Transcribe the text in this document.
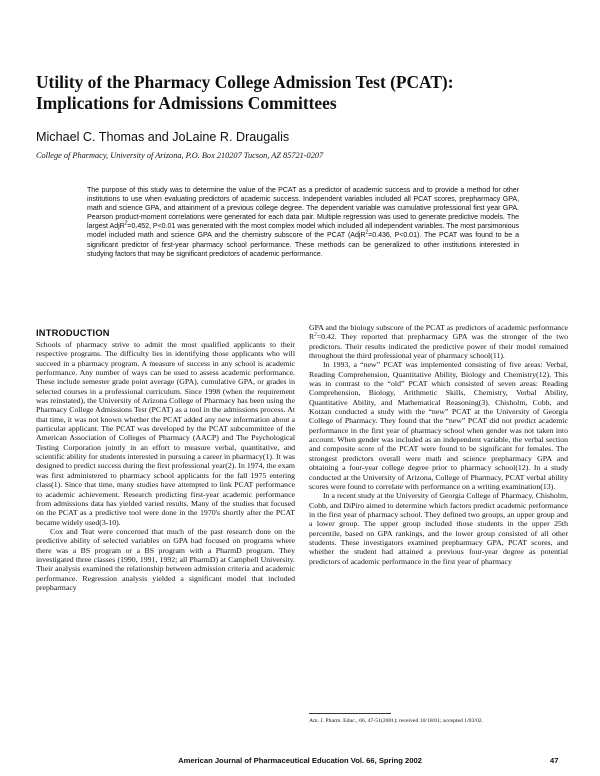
Utility of the Pharmacy College Admission Test (PCAT):
Implications for Admissions Committees

Michael C. Thomas and JoLaine R. Draugalis

College of Pharmacy, University of Arizona, P.O. Box 210207 Tucson, AZ 85721-0207

The purpose of this study was to determine the value of the PCAT as a predictor of academic success and to provide a method for other institutions to use when evaluating predictors of academic success. Independent variables included all PCAT scores, prepharmacy GPA, math and science GPA, and attainment of a previous college degree. The dependent variable was cumulative professional first year GPA. Pearson product-moment correlations were generated for each data pair. Multiple regression was used to generate predictive models. The largest AdjR$^2$=0.452, P<0.01 was generated with the most complex model which included all independent variables. The most parsimonious model included math and science GPA and the chemistry subscore of the PCAT (AdjR$^2$=0.436, P<0.01). The PCAT was found to be a significant predictor of first-year pharmacy school performance. These methods can be generalized to other institutions interested in studying factors that may be significant predictors of academic performance.

INTRODUCTION

Schools of pharmacy strive to admit the most qualified applicants to their respective programs. The difficulty lies in identifying those applicants who will succeed in a pharmacy program. A measure of success in any school is academic performance. Any number of ways can be used to assess academic performance. These include semester grade point average (GPA), cumulative GPA, or grades in selected courses in a professional curriculum. Since 1998 (when the requirement was reinstated), the University of Arizona College of Pharmacy has been using the Pharmacy College Admissions Test (PCAT) as a tool in the admissions process. At that time, it was not known whether the PCAT added any new information about a particular applicant. The PCAT was developed by the PCAT subcommittee of the American Association of Colleges of Pharmacy (AACP) and The Psychological Testing Corporation jointly in an effort to measure verbal, quantitative, and scientific ability for students interested in pursuing a career in pharmacy(1). It was designed to predict success during the first professional year(2). In 1974, the exam was first administered to pharmacy school applicants for the fall 1975 entering class(1). Since that time, many studies have attempted to link PCAT performance to academic achievement. Research predicting first-year academic performance from admissions data has yielded varied results. Many of the studies that focused on the PCAT as a predictive tool were done in the 1970's shortly after the PCAT became widely used(3-10).

Cox and Teat were concerned that much of the past research done on the predictive ability of selected variables on GPA had focused on programs where there was a BS program or a BS program with a PharmD program. They investigated three classes (1990, 1991, 1992; all PharmD) at Campbell University. Their analysis examined the relationship between admission criteria and academic performance. Regression analysis yielded a significant model that included prepharmacy

GPA and the biology subscore of the PCAT as predictors of academic performance $R^2=0.42$. They reported that prepharmacy GPA was the stronger of the two predictors. Their results indicated the predictive power of their model remained throughout the third professional year of pharmacy school(11).

In 1993, a “new” PCAT was implemented consisting of five areas: Verbal, Reading Comprehension, Quantitative Ability, Biology and Chemistry(12). This was in contrast to the “old” PCAT which consisted of seven areas: Reading Comprehension, Biology, Arithmetic Skills, Chemistry, Verbal Ability, Quantitative Ability, and Mathematical Reasoning(3). Chisholm, Cobb, and Kotzan conducted a study with the “new” PCAT at the University of Georgia College of Pharmacy. They found that the “new” PCAT did not predict academic performance in the first year of pharmacy school when gender was not taken into account. When gender was included as an independent variable, the verbal section and composite score of the PCAT were found to be significant for females. The strongest predictors overall were math and science prepharmacy GPA and obtaining a four-year college degree prior to pharmacy school(12). In a study conducted at the University of Arizona, College of Pharmacy, PCAT verbal ability scores were found to correlate with performance on a writing examination(13).

In a recent study at the University of Georgia College of Pharmacy, Chisholm, Cobb, and DiPiro aimed to determine which factors predict academic performance in the first year of pharmacy school. They defined two groups, an upper group and a lower group. The upper group included those students in the upper 25th percentile, based on GPA rankings, and the lower group consisted of all other students. These investigators examined prepharmacy GPA, PCAT scores, and whether the student had attained a previous four-year degree as potential predictors of academic performance in the first year of pharmacy

Am. J. Pharm. Educ., 66, 47-51(2001); received 10/18/01; accepted 1/03/02.

American Journal of Pharmaceutical Education Vol. 66, Spring 2002	47
